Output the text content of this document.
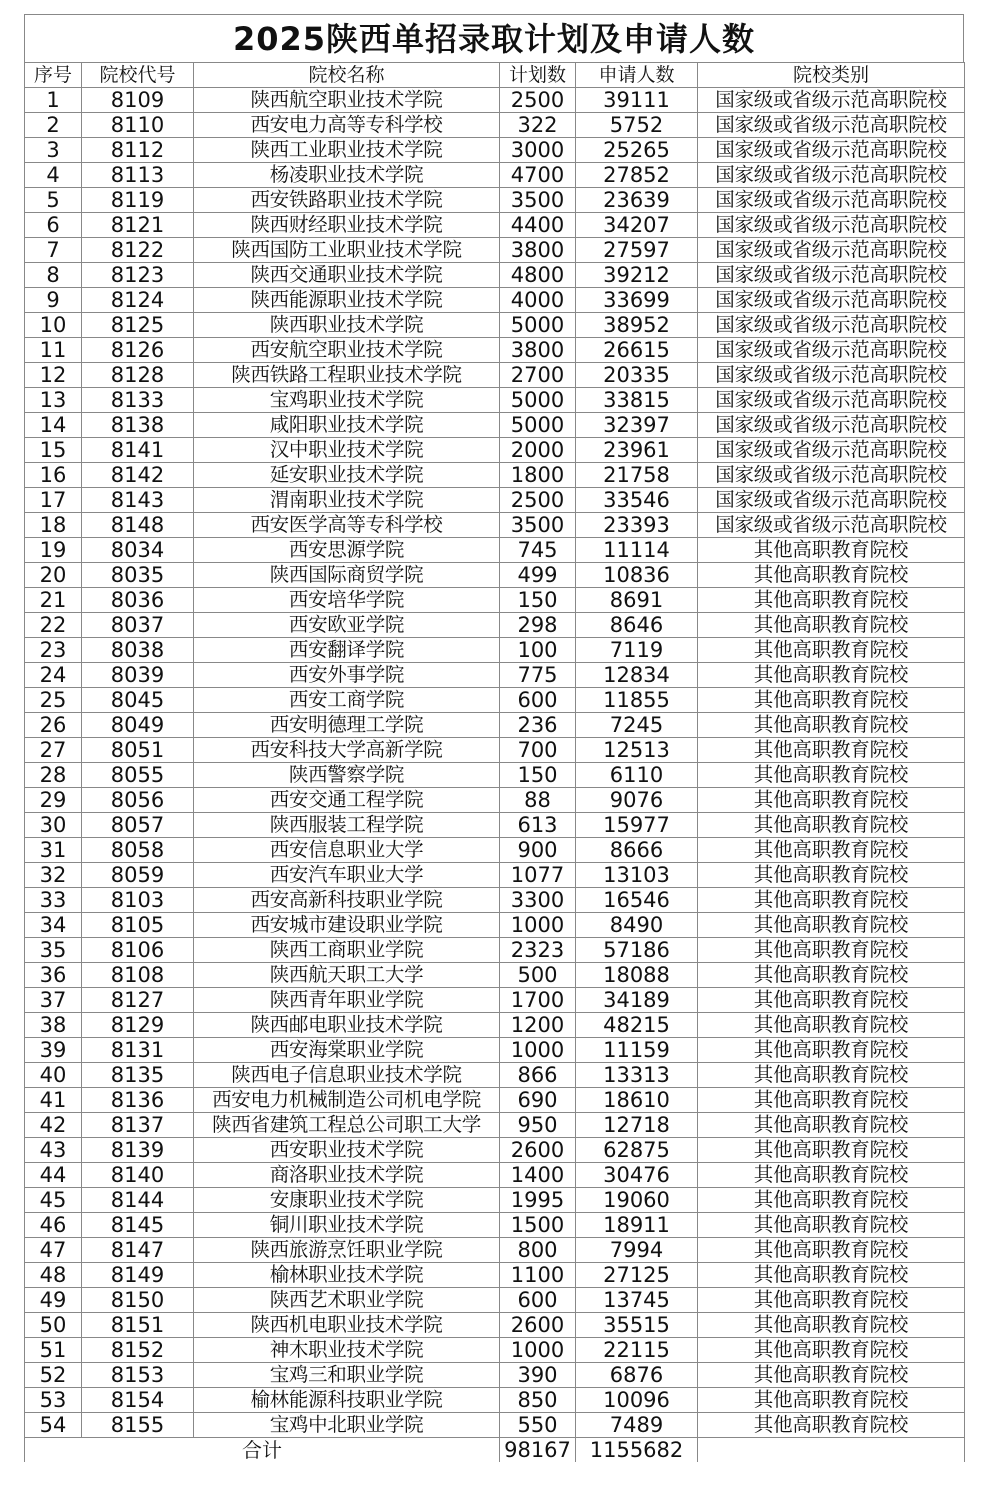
2025陕西单招录取计划及申请人数
序号	院校代号	院校名称	计划数	申请人数	院校类别
1	8109	陕西航空职业技术学院	2500	39111	国家级或省级示范高职院校
2	8110	西安电力高等专科学校	322	5752	国家级或省级示范高职院校
3	8112	陕西工业职业技术学院	3000	25265	国家级或省级示范高职院校
4	8113	杨凌职业技术学院	4700	27852	国家级或省级示范高职院校
5	8119	西安铁路职业技术学院	3500	23639	国家级或省级示范高职院校
6	8121	陕西财经职业技术学院	4400	34207	国家级或省级示范高职院校
7	8122	陕西国防工业职业技术学院	3800	27597	国家级或省级示范高职院校
8	8123	陕西交通职业技术学院	4800	39212	国家级或省级示范高职院校
9	8124	陕西能源职业技术学院	4000	33699	国家级或省级示范高职院校
10	8125	陕西职业技术学院	5000	38952	国家级或省级示范高职院校
11	8126	西安航空职业技术学院	3800	26615	国家级或省级示范高职院校
12	8128	陕西铁路工程职业技术学院	2700	20335	国家级或省级示范高职院校
13	8133	宝鸡职业技术学院	5000	33815	国家级或省级示范高职院校
14	8138	咸阳职业技术学院	5000	32397	国家级或省级示范高职院校
15	8141	汉中职业技术学院	2000	23961	国家级或省级示范高职院校
16	8142	延安职业技术学院	1800	21758	国家级或省级示范高职院校
17	8143	渭南职业技术学院	2500	33546	国家级或省级示范高职院校
18	8148	西安医学高等专科学校	3500	23393	国家级或省级示范高职院校
19	8034	西安思源学院	745	11114	其他高职教育院校
20	8035	陕西国际商贸学院	499	10836	其他高职教育院校
21	8036	西安培华学院	150	8691	其他高职教育院校
22	8037	西安欧亚学院	298	8646	其他高职教育院校
23	8038	西安翻译学院	100	7119	其他高职教育院校
24	8039	西安外事学院	775	12834	其他高职教育院校
25	8045	西安工商学院	600	11855	其他高职教育院校
26	8049	西安明德理工学院	236	7245	其他高职教育院校
27	8051	西安科技大学高新学院	700	12513	其他高职教育院校
28	8055	陕西警察学院	150	6110	其他高职教育院校
29	8056	西安交通工程学院	88	9076	其他高职教育院校
30	8057	陕西服装工程学院	613	15977	其他高职教育院校
31	8058	西安信息职业大学	900	8666	其他高职教育院校
32	8059	西安汽车职业大学	1077	13103	其他高职教育院校
33	8103	西安高新科技职业学院	3300	16546	其他高职教育院校
34	8105	西安城市建设职业学院	1000	8490	其他高职教育院校
35	8106	陕西工商职业学院	2323	57186	其他高职教育院校
36	8108	陕西航天职工大学	500	18088	其他高职教育院校
37	8127	陕西青年职业学院	1700	34189	其他高职教育院校
38	8129	陕西邮电职业技术学院	1200	48215	其他高职教育院校
39	8131	西安海棠职业学院	1000	11159	其他高职教育院校
40	8135	陕西电子信息职业技术学院	866	13313	其他高职教育院校
41	8136	西安电力机械制造公司机电学院	690	18610	其他高职教育院校
42	8137	陕西省建筑工程总公司职工大学	950	12718	其他高职教育院校
43	8139	西安职业技术学院	2600	62875	其他高职教育院校
44	8140	商洛职业技术学院	1400	30476	其他高职教育院校
45	8144	安康职业技术学院	1995	19060	其他高职教育院校
46	8145	铜川职业技术学院	1500	18911	其他高职教育院校
47	8147	陕西旅游烹饪职业学院	800	7994	其他高职教育院校
48	8149	榆林职业技术学院	1100	27125	其他高职教育院校
49	8150	陕西艺术职业学院	600	13745	其他高职教育院校
50	8151	陕西机电职业技术学院	2600	35515	其他高职教育院校
51	8152	神木职业技术学院	1000	22115	其他高职教育院校
52	8153	宝鸡三和职业学院	390	6876	其他高职教育院校
53	8154	榆林能源科技职业学院	850	10096	其他高职教育院校
54	8155	宝鸡中北职业学院	550	7489	其他高职教育院校
合计			98167	1155682	
